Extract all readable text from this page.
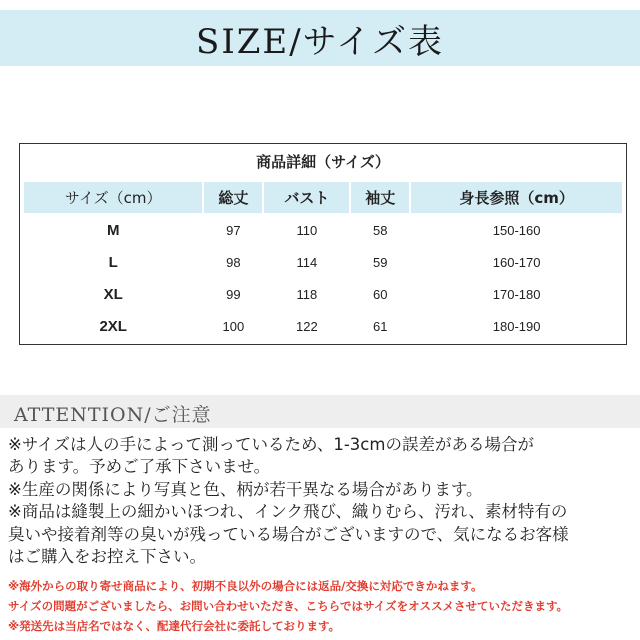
SIZE/サイズ表
商品詳細（サイズ）
サイズ（cm）	総丈	バスト	袖丈	身長参照（cm）
M	97	110	58	150-160
L	98	114	59	160-170
XL	99	118	60	170-180
2XL	100	122	61	180-190
ATTENTION/ご注意

※サイズは人の手によって測っているため、1-3cmの誤差がある場合が

あります。予めご了承下さいませ。

※生産の関係により写真と色、柄が若干異なる場合があります。

※商品は縫製上の細かいほつれ、インク飛び、織りむら、汚れ、素材特有の

臭いや接着剤等の臭いが残っている場合がございますので、気になるお客様

はご購入をお控え下さい。

※海外からの取り寄せ商品により、初期不良以外の場合には返品/交換に対応できかねます。

サイズの問題がございましたら、お問い合わせいただき、こちらではサイズをオススメさせていただきます。

※発送先は当店名ではなく、配達代行会社に委託しております。
